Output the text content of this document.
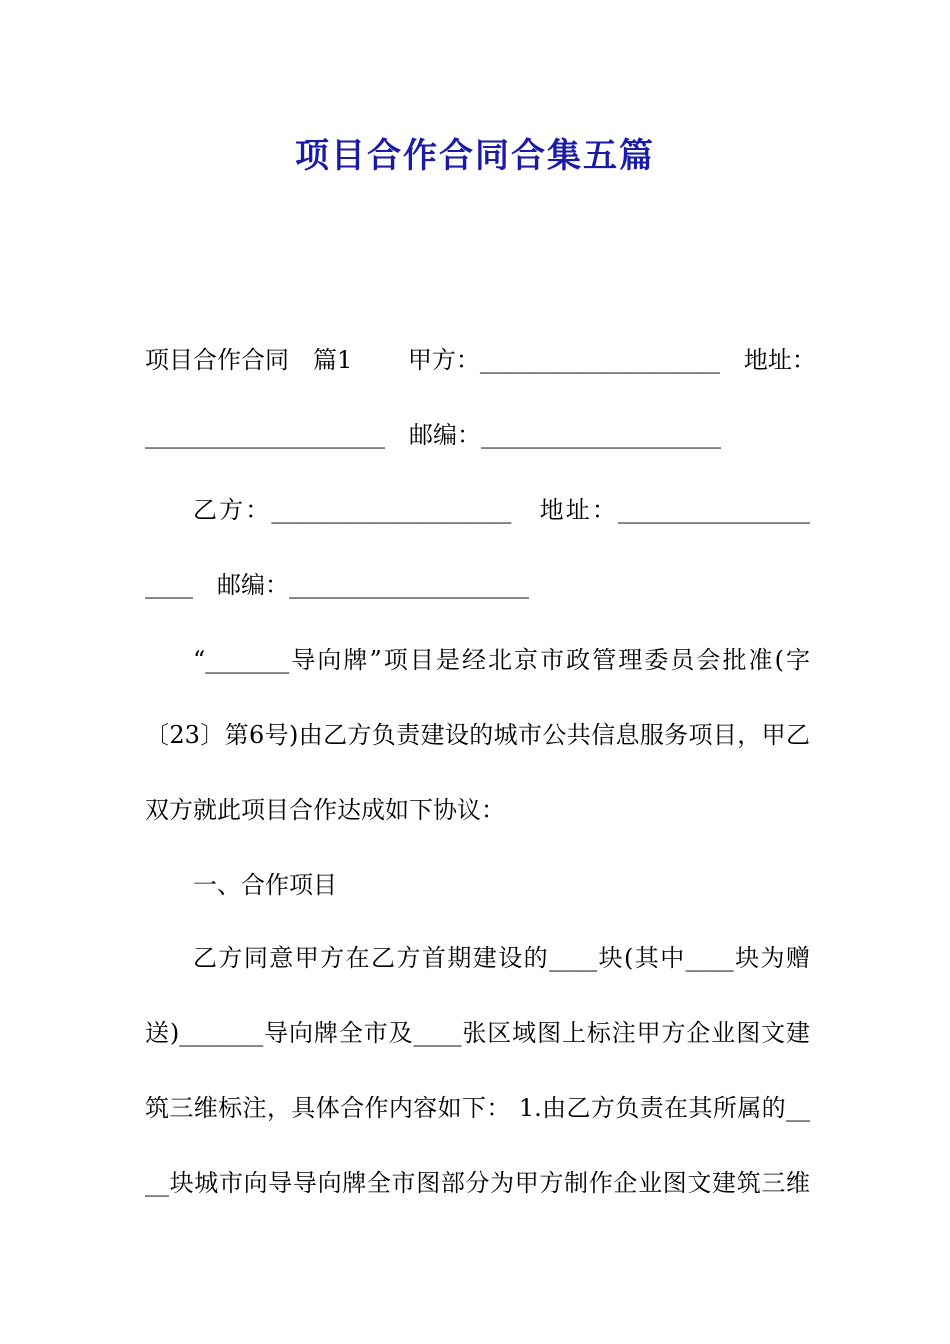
项目合作合同合集五篇
项目合作合同　篇1　　 甲方：____________________　地址：
____________________　邮编：____________________
乙方：____________________　地址：________________
____　邮编：____________________
“_______导向牌”项目是经北京市政管理委员会批准(字
〔23〕第6号)由乙方负责建设的城市公共信息服务项目，甲乙
双方就此项目合作达成如下协议：
一、合作项目
乙方同意甲方在乙方首期建设的____块(其中____块为赠
送)_______导向牌全市及____张区域图上标注甲方企业图文建
筑三维标注，具体合作内容如下： 1.由乙方负责在其所属的__
__块城市向导导向牌全市图部分为甲方制作企业图文建筑三维
